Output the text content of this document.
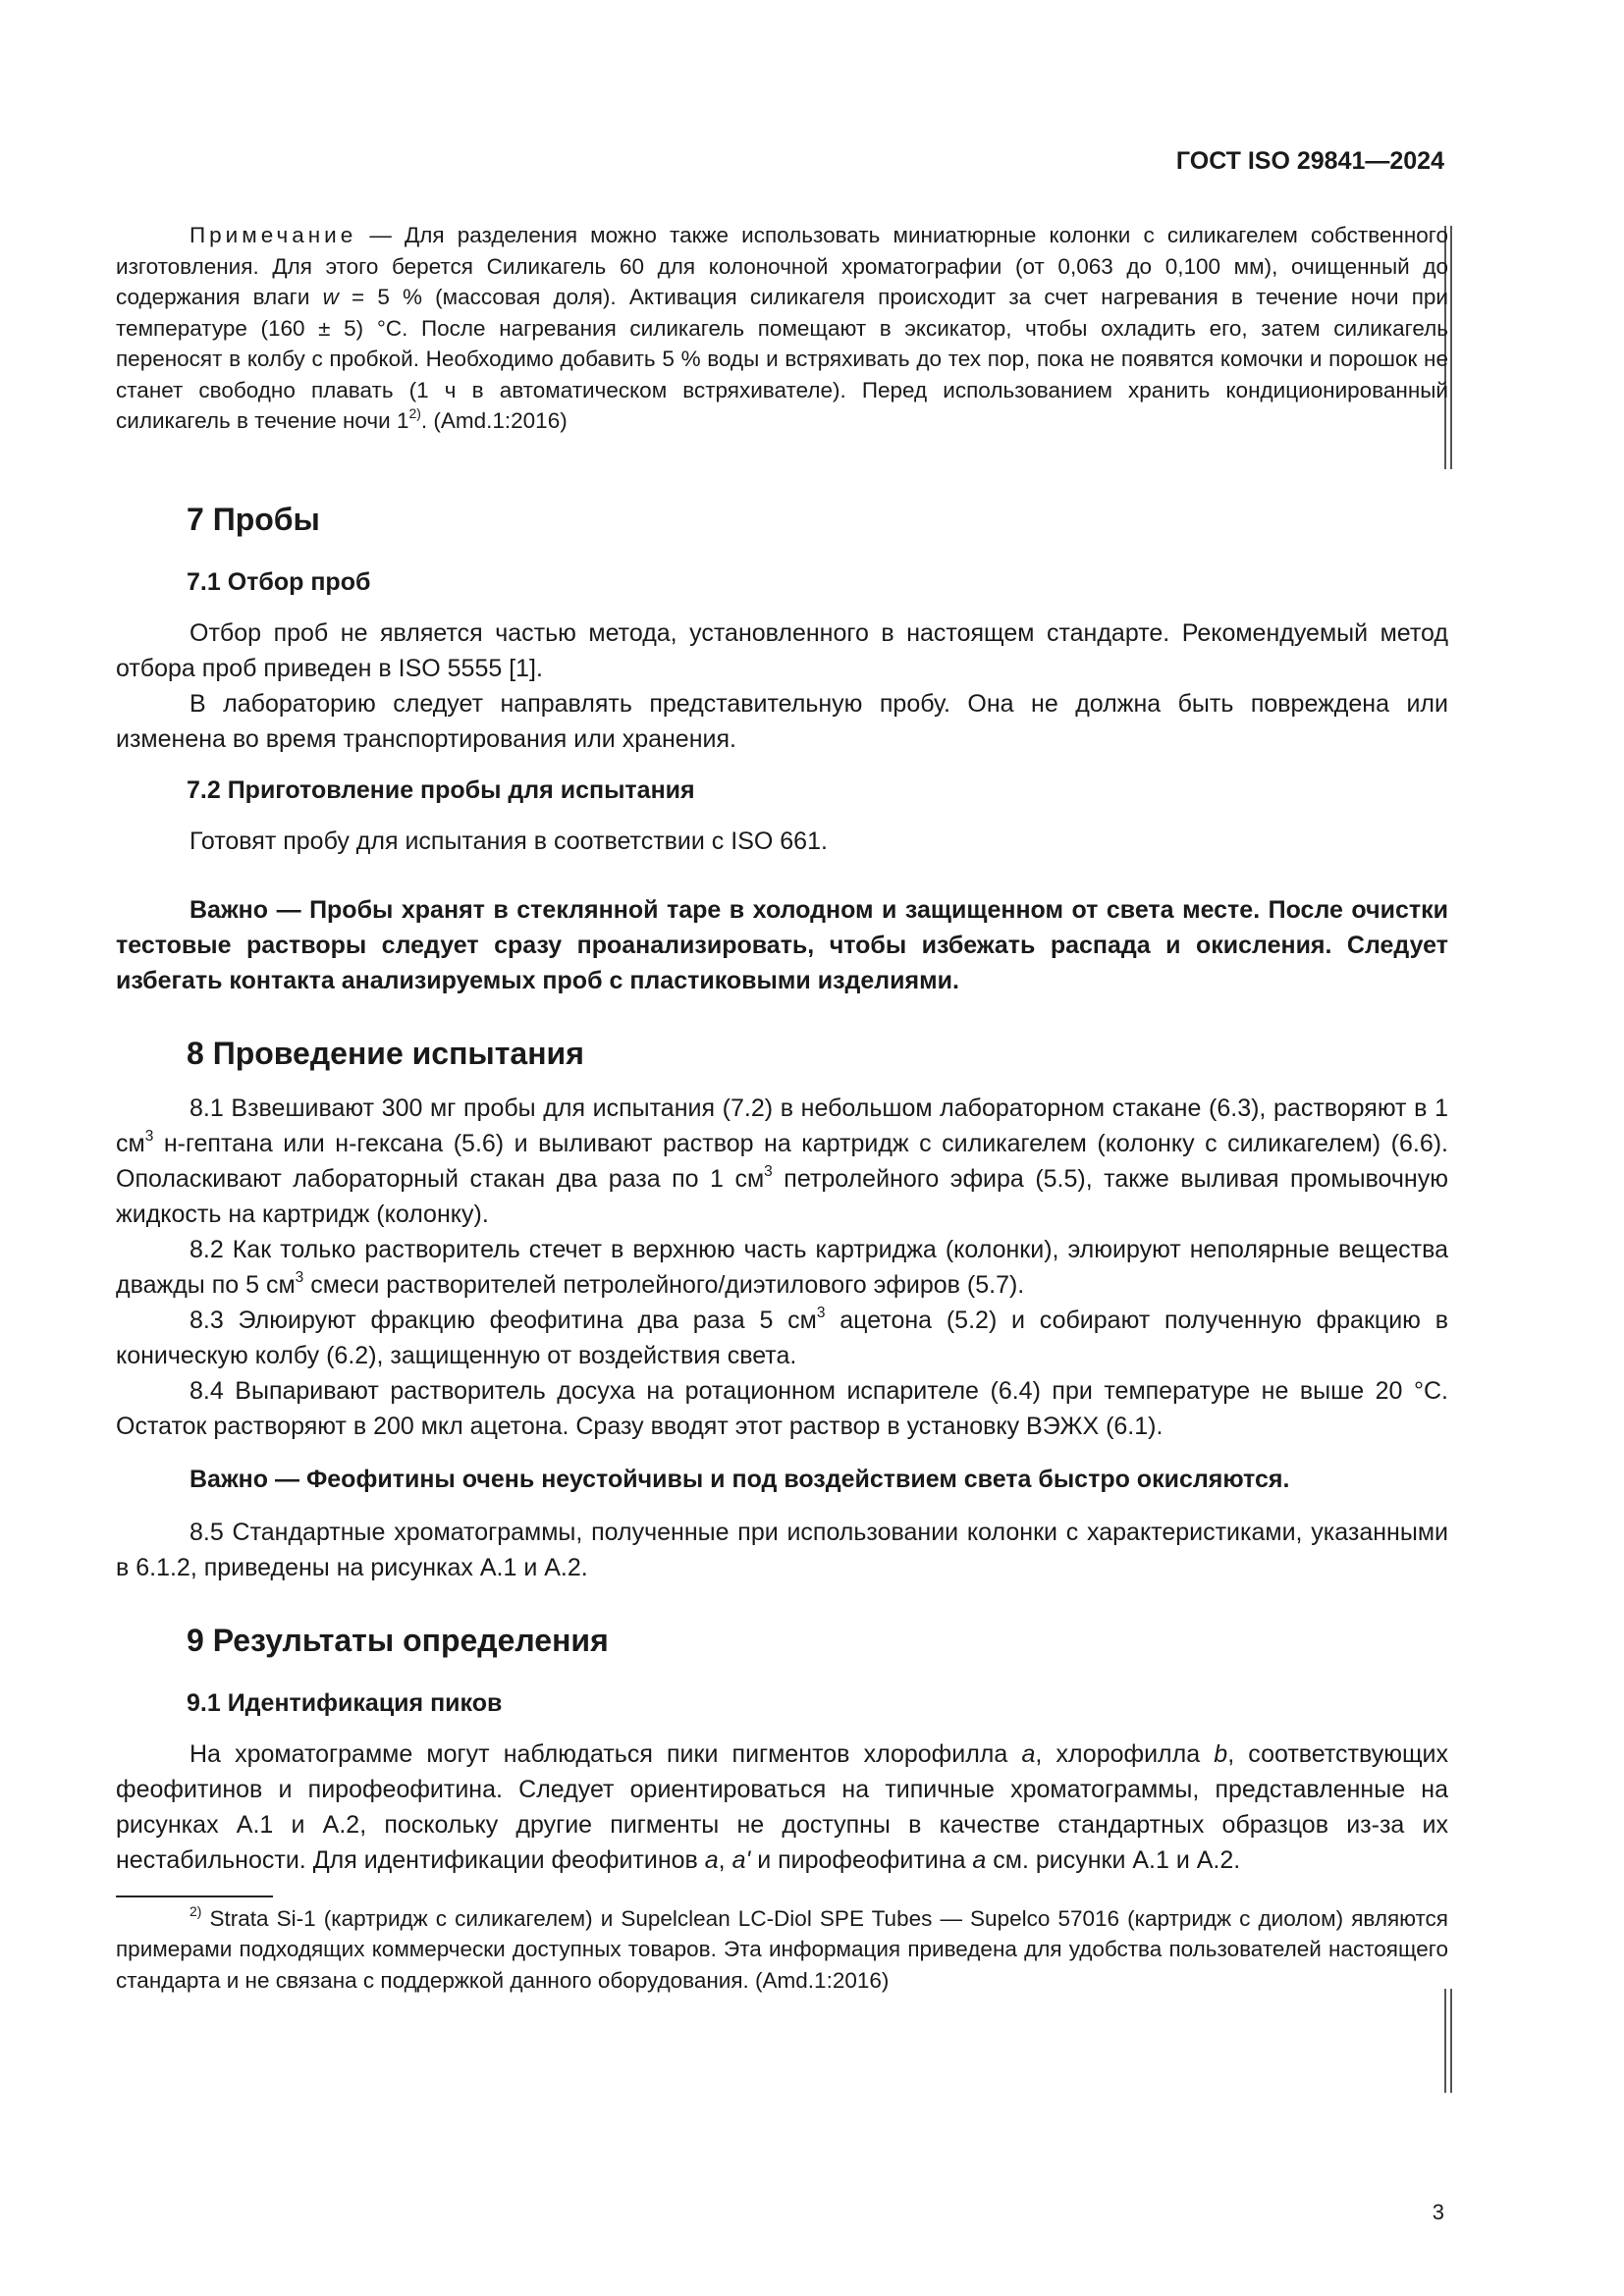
ГОСТ ISO 29841—2024

Примечание — Для разделения можно также использовать миниатюрные колонки с силикагелем собственного изготовления. Для этого берется Силикагель 60 для колоночной хроматографии (от 0,063 до 0,100 мм), очищенный до содержания влаги w = 5 % (массовая доля). Активация силикагеля происходит за счет нагревания в течение ночи при температуре (160 ± 5) °С. После нагревания силикагель помещают в эксикатор, чтобы охладить его, затем силикагель переносят в колбу с пробкой. Необходимо добавить 5 % воды и встряхивать до тех пор, пока не появятся комочки и порошок не станет свободно плавать (1 ч в автоматическом встряхивателе). Перед использованием хранить кондиционированный силикагель в течение ночи 1$^{2)}$. (Amd.1:2016)

7 Пробы
7.1 Отбор проб

Отбор проб не является частью метода, установленного в настоящем стандарте. Рекомендуемый метод отбора проб приведен в ISO 5555 [1].

В лабораторию следует направлять представительную пробу. Она не должна быть повреждена или изменена во время транспортирования или хранения.

7.2 Приготовление пробы для испытания

Готовят пробу для испытания в соответствии с ISO 661.

Важно — Пробы хранят в стеклянной таре в холодном и защищенном от света месте. После очистки тестовые растворы следует сразу проанализировать, чтобы избежать распада и окисления. Следует избегать контакта анализируемых проб с пластиковыми изделиями.

8 Проведение испытания

8.1 Взвешивают 300 мг пробы для испытания (7.2) в небольшом лабораторном стакане (6.3), растворяют в 1 $см^3$ н-гептана или н-гексана (5.6) и выливают раствор на картридж с силикагелем (колонку с силикагелем) (6.6). Ополаскивают лабораторный стакан два раза по 1 $см^3$ петролейного эфира (5.5), также выливая промывочную жидкость на картридж (колонку).

8.2 Как только растворитель стечет в верхнюю часть картриджа (колонки), элюируют неполярные вещества дважды по 5 $см^3$ смеси растворителей петролейного/диэтилового эфиров (5.7).

8.3 Элюируют фракцию феофитина два раза 5 $см^3$ ацетона (5.2) и собирают полученную фракцию в коническую колбу (6.2), защищенную от воздействия света.

8.4 Выпаривают растворитель досуха на ротационном испарителе (6.4) при температуре не выше 20 °С. Остаток растворяют в 200 мкл ацетона. Сразу вводят этот раствор в установку ВЭЖХ (6.1).

Важно — Феофитины очень неустойчивы и под воздействием света быстро окисляются.

8.5 Стандартные хроматограммы, полученные при использовании колонки с характеристиками, указанными в 6.1.2, приведены на рисунках А.1 и А.2.

9 Результаты определения
9.1 Идентификация пиков

На хроматограмме могут наблюдаться пики пигментов хлорофилла a, хлорофилла b, соответствующих феофитинов и пирофеофитина. Следует ориентироваться на типичные хроматограммы, представленные на рисунках А.1 и А.2, поскольку другие пигменты не доступны в качестве стандартных образцов из-за их нестабильности. Для идентификации феофитинов a, a' и пирофеофитина a см. рисунки А.1 и А.2.

$^{2)}$ Strata Si-1 (картридж с силикагелем) и Supelclean LC-Diol SPE Tubes — Supelco 57016 (картридж с диолом) являются примерами подходящих коммерчески доступных товаров. Эта информация приведена для удобства пользователей настоящего стандарта и не связана с поддержкой данного оборудования. (Amd.1:2016)

3
